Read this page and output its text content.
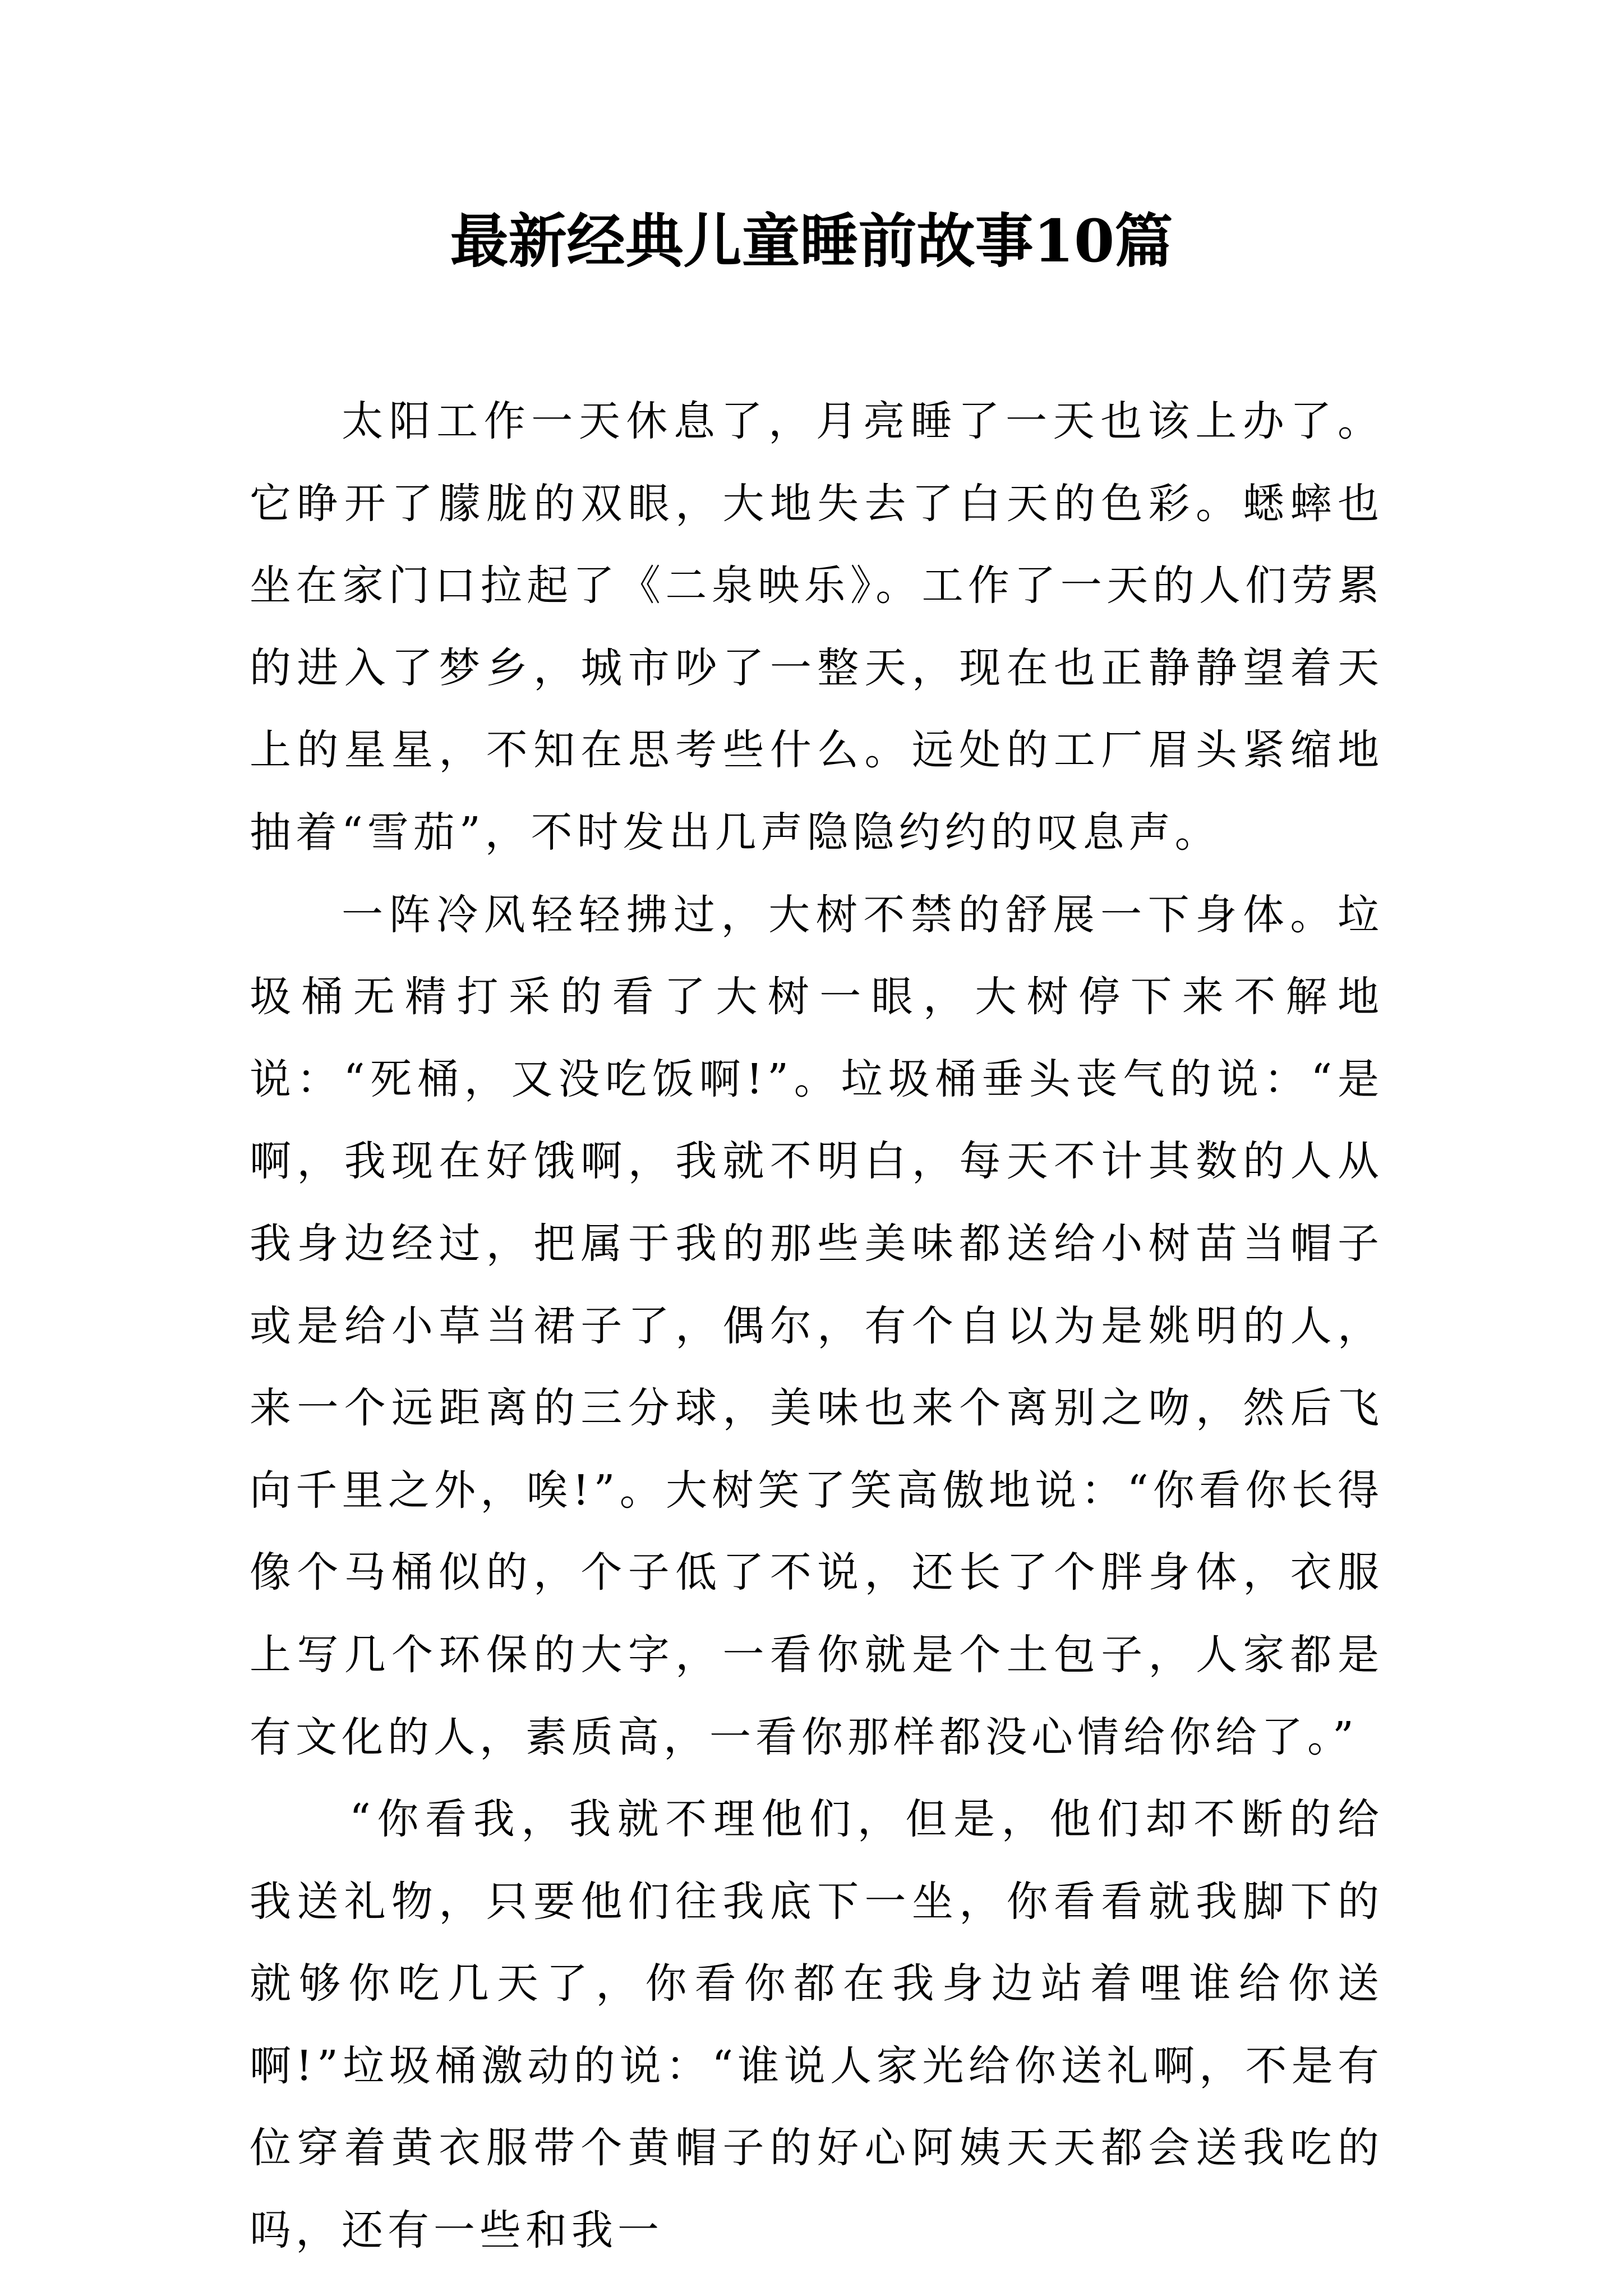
最新经典儿童睡前故事10篇

太阳工作一天休息了，月亮睡了一天也该上办了。它睁开了朦胧的双眼，大地失去了白天的色彩。蟋蟀也坐在家门口拉起了《二泉映乐》。工作了一天的人们劳累的进入了梦乡，城市吵了一整天，现在也正静静望着天上的星星，不知在思考些什么。远处的工厂眉头紧缩地抽着“雪茄”，不时发出几声隐隐约约的叹息声。

一阵冷风轻轻拂过，大树不禁的舒展一下身体。垃圾桶无精打采的看了大树一眼，大树停下来不解地说：“死桶，又没吃饭啊!”。垃圾桶垂头丧气的说：“是啊，我现在好饿啊，我就不明白，每天不计其数的人从我身边经过，把属于我的那些美味都送给小树苗当帽子或是给小草当裙子了，偶尔，有个自以为是姚明的人，来一个远距离的三分球，美味也来个离别之吻，然后飞向千里之外，唉!”。大树笑了笑高傲地说：“你看你长得像个马桶似的，个子低了不说，还长了个胖身体，衣服上写几个环保的大字，一看你就是个土包子，人家都是有文化的人，素质高，一看你那样都没心情给你给了。”

“你看我，我就不理他们，但是，他们却不断的给我送礼物，只要他们往我底下一坐，你看看就我脚下的就够你吃几天了，你看你都在我身边站着哩谁给你送啊!”垃圾桶激动的说：“谁说人家光给你送礼啊，不是有位穿着黄衣服带个黄帽子的好心阿姨天天都会送我吃的吗，还有一些和我一
